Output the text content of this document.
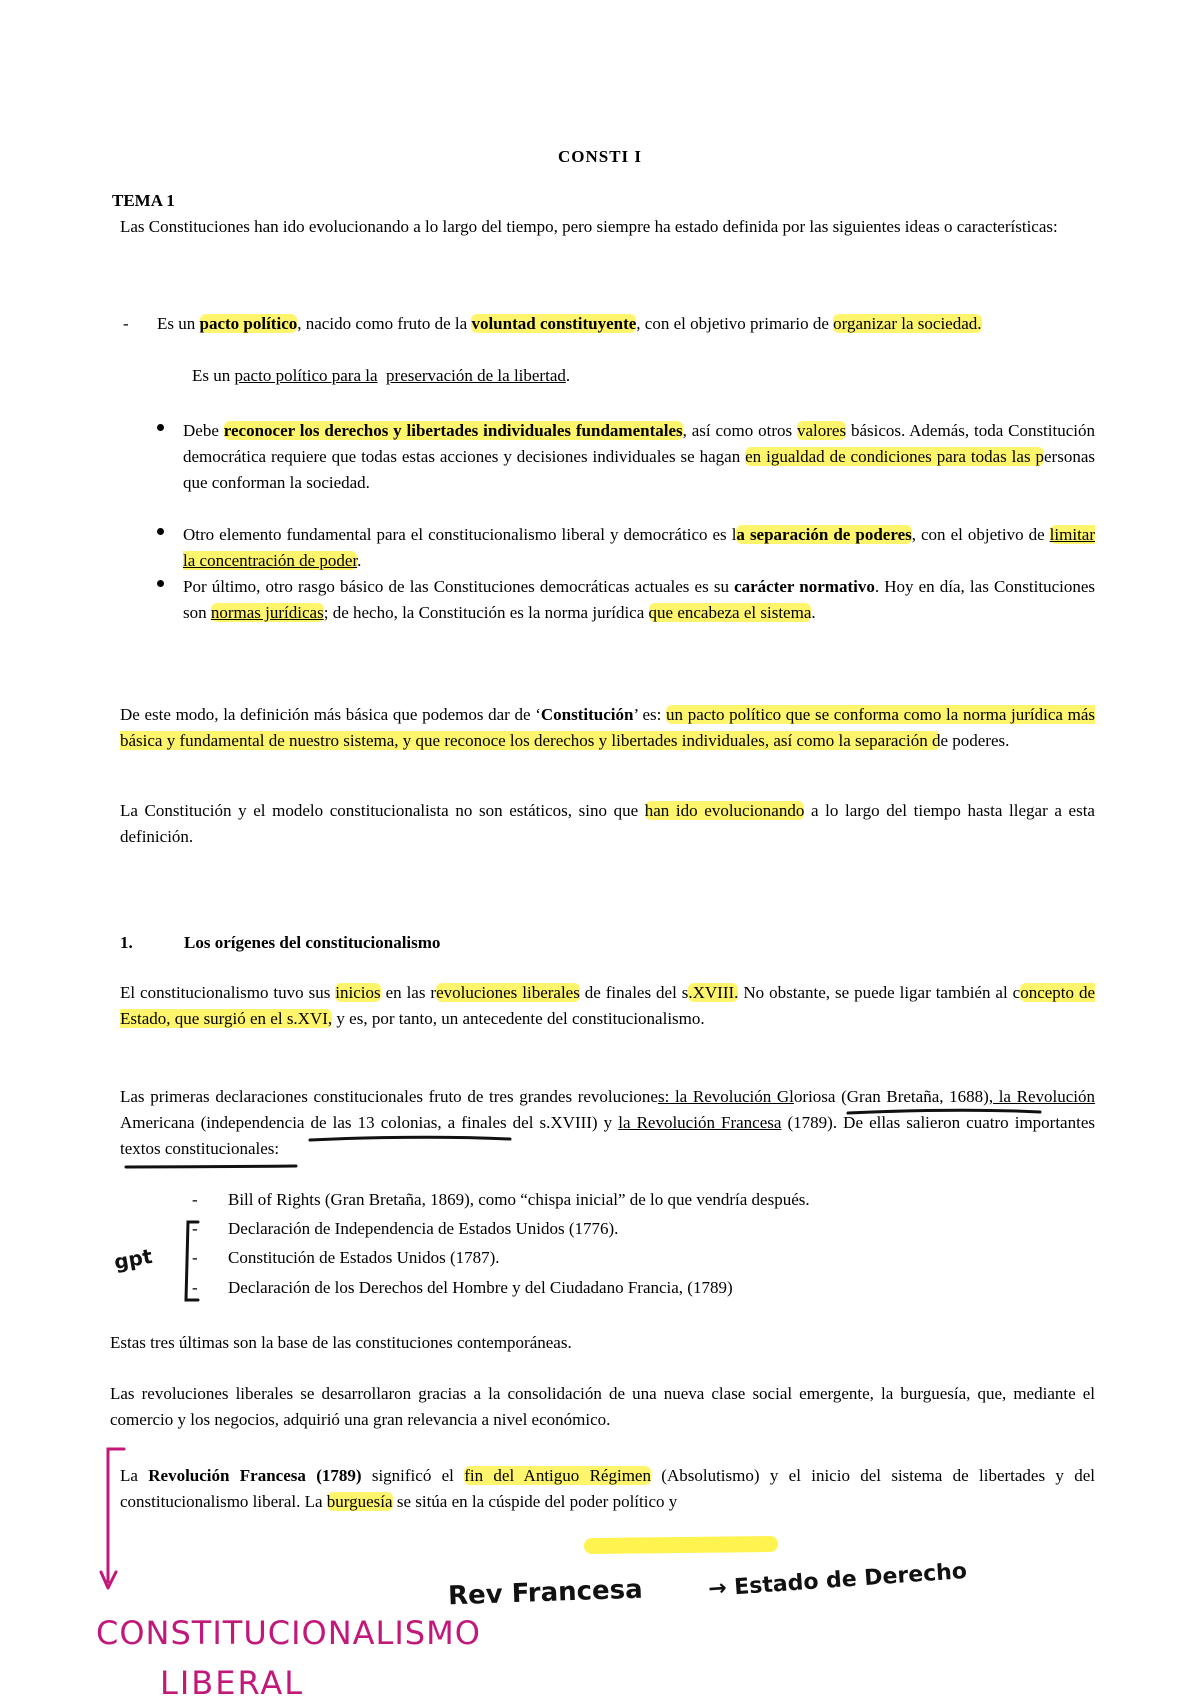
CONSTI I
TEMA 1
Las Constituciones han ido evolucionando a lo largo del tiempo, pero siempre ha estado definida por las siguientes ideas o características:
- Es un pacto político, nacido como fruto de la voluntad constituyente, con el objetivo primario de organizar la sociedad.
Es un pacto político para la preservación de la libertad.
Debe reconocer los derechos y libertades individuales fundamentales, así como otros valores básicos. Además, toda Constitución democrática requiere que todas estas acciones y decisiones individuales se hagan en igualdad de condiciones para todas las personas que conforman la sociedad.
Otro elemento fundamental para el constitucionalismo liberal y democrático es la separación de poderes, con el objetivo de limitar la concentración de poder.
Por último, otro rasgo básico de las Constituciones democráticas actuales es su carácter normativo. Hoy en día, las Constituciones son normas jurídicas; de hecho, la Constitución es la norma jurídica que encabeza el sistema.
De este modo, la definición más básica que podemos dar de ‘Constitución’ es: un pacto político que se conforma como la norma jurídica más básica y fundamental de nuestro sistema, y que reconoce los derechos y libertades individuales, así como la separación de poderes.
La Constitución y el modelo constitucionalista no son estáticos, sino que han ido evolucionando a lo largo del tiempo hasta llegar a esta definición.
1.	Los orígenes del constitucionalismo
El constitucionalismo tuvo sus inicios en las revoluciones liberales de finales del s.XVIII. No obstante, se puede ligar también al concepto de Estado, que surgió en el s.XVI, y es, por tanto, un antecedente del constitucionalismo.
Las primeras declaraciones constitucionales fruto de tres grandes revoluciones: la Revolución Gloriosa (Gran Bretaña, 1688), la Revolución Americana (independencia de las 13 colonias, a finales del s.XVIII) y la Revolución Francesa (1789). De ellas salieron cuatro importantes textos constitucionales:
- Bill of Rights (Gran Bretaña, 1869), como “chispa inicial” de lo que vendría después.
- Declaración de Independencia de Estados Unidos (1776).
- Constitución de Estados Unidos (1787).
- Declaración de los Derechos del Hombre y del Ciudadano Francia, (1789)
Estas tres últimas son la base de las constituciones contemporáneas.
Las revoluciones liberales se desarrollaron gracias a la consolidación de una nueva clase social emergente, la burguesía, que, mediante el comercio y los negocios, adquirió una gran relevancia a nivel económico.
La Revolución Francesa (1789) significó el fin del Antiguo Régimen (Absolutismo) y el inicio del sistema de libertades y del constitucionalismo liberal. La burguesía se sitúa en la cúspide del poder político y
gpt
Rev Francesa	→ Estado de Derecho
CONSTITUCIONALISMO
LIBERAL
